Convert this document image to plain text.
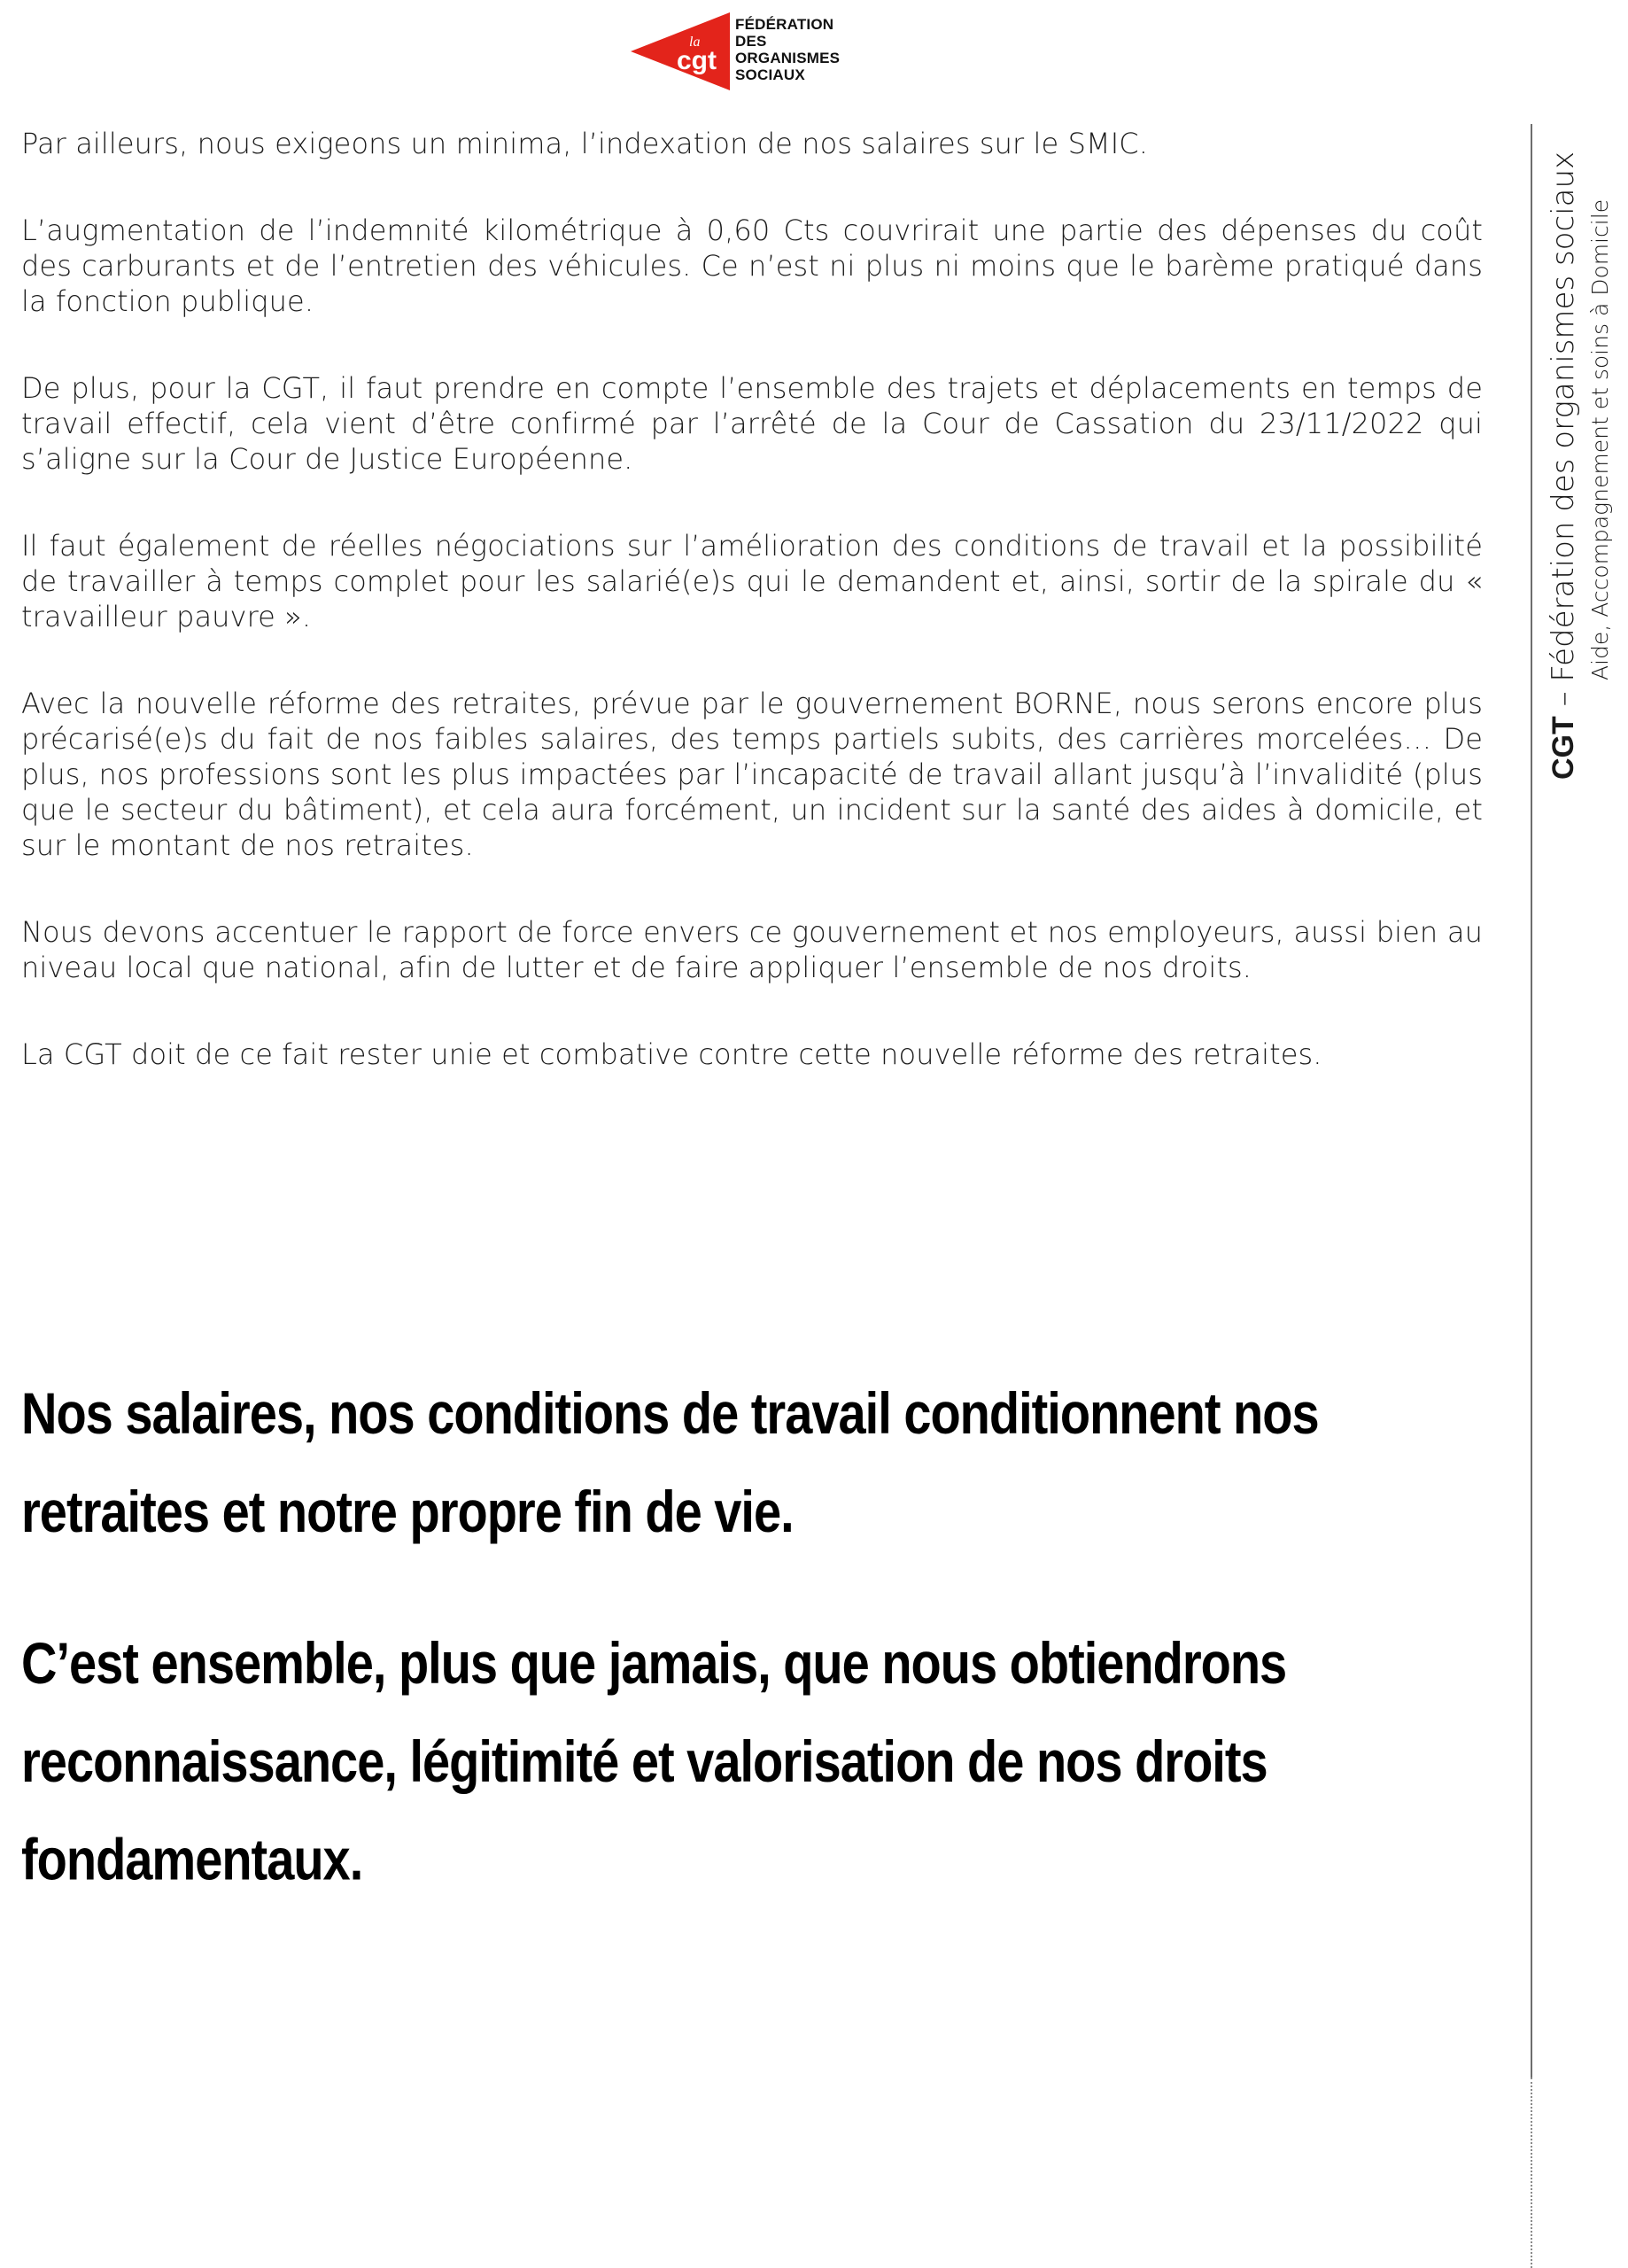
la
cgt
FÉDÉRATION
DES
ORGANISMES
SOCIAUX

Par ailleurs, nous exigeons un minima, l’indexation de nos salaires sur le SMIC.

L’augmentation de l’indemnité kilométrique à 0,60 Cts couvrirait une partie des dépenses du coût des carburants et de l’entretien des véhicules. Ce n’est ni plus ni moins que le barème pratiqué dans la fonction publique.

De plus, pour la CGT, il faut prendre en compte l’ensemble des trajets et déplacements en temps de travail effectif, cela vient d’être confirmé par l’arrêté de la Cour de Cassation du 23/11/2022 qui s’aligne sur la Cour de Justice Européenne.

Il faut également de réelles négociations sur l’amélioration des conditions de travail et la possibilité de travailler à temps complet pour les salarié(e)s qui le demandent et, ainsi, sortir de la spirale du « travailleur pauvre ».

Avec la nouvelle réforme des retraites, prévue par le gouvernement BORNE, nous serons encore plus précarisé(e)s du fait de nos faibles salaires, des temps partiels subits, des carrières morcelées… De plus, nos professions sont les plus impactées par l’incapacité de travail allant jusqu’à l’invalidité (plus que le secteur du bâtiment), et cela aura forcément, un incident sur la santé des aides à domicile, et sur le montant de nos retraites.

Nous devons accentuer le rapport de force envers ce gouvernement et nos employeurs, aussi bien au niveau local que national, afin de lutter et de faire appliquer l’ensemble de nos droits.

La CGT doit de ce fait rester unie et combative contre cette nouvelle réforme des retraites.

Nos salaires, nos conditions de travail conditionnent nos retraites et notre propre fin de vie.
C’est ensemble, plus que jamais, que nous obtiendrons reconnaissance, légitimité et valorisation de nos droits fondamentaux.
CGT – Fédération des organismes sociaux Aide, Accompagnement et soins à Domicile
